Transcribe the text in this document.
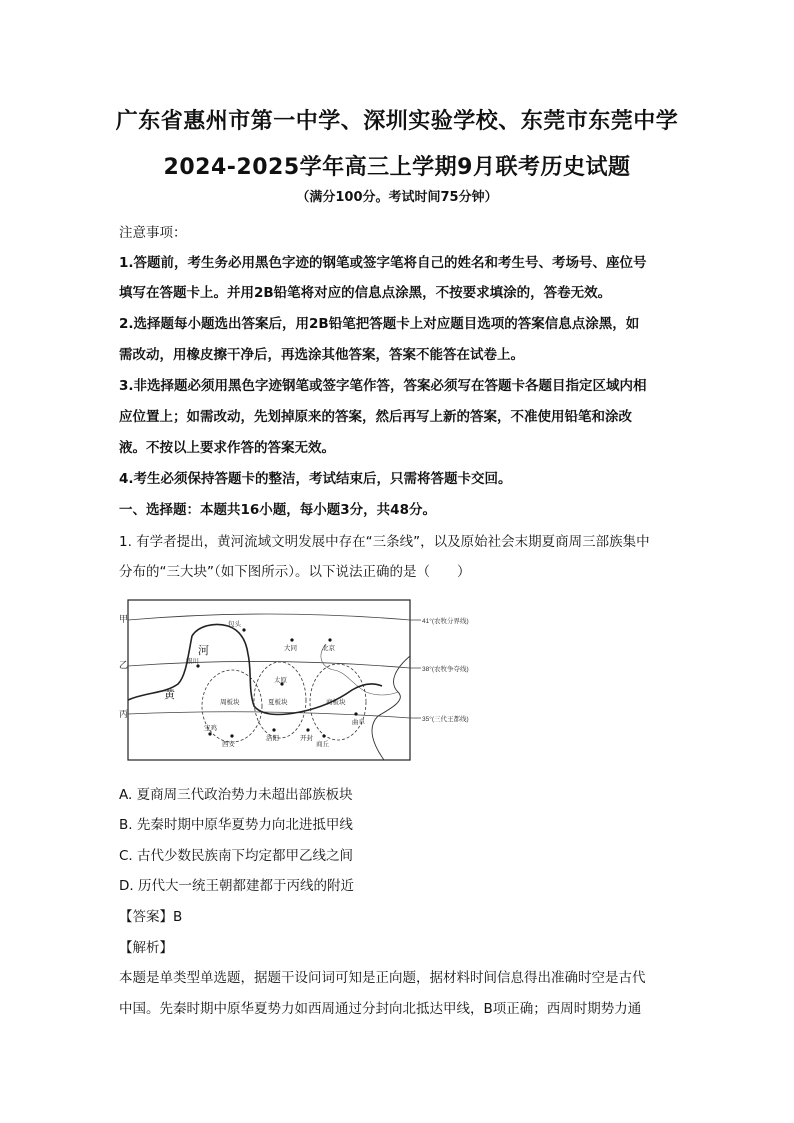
广东省惠州市第一中学、深圳实验学校、东莞市东莞中学
2024-2025学年高三上学期9月联考历史试题
（满分100分。考试时间75分钟）
注意事项：
1.答题前，考生务必用黑色字迹的钢笔或签字笔将自己的姓名和考生号、考场号、座位号
填写在答题卡上。并用2B铅笔将对应的信息点涂黑，不按要求填涂的，答卷无效。
2.选择题每小题选出答案后，用2B铅笔把答题卡上对应题目选项的答案信息点涂黑，如
需改动，用橡皮擦干净后，再选涂其他答案，答案不能答在试卷上。
3.非选择题必须用黑色字迹钢笔或签字笔作答，答案必须写在答题卡各题目指定区域内相
应位置上；如需改动，先划掉原来的答案，然后再写上新的答案，不准使用铅笔和涂改
液。不按以上要求作答的答案无效。
4.考生必须保持答题卡的整洁，考试结束后，只需将答题卡交回。
一、选择题：本题共16小题，每小题3分，共48分。
1. 有学者提出，黄河流域文明发展中存在“三条线”，以及原始社会末期夏商周三部族集中
分布的“三大块”（如下图所示）。以下说法正确的是（　　）
甲
乙
丙
41°(农牧分界线)
38°(农牧争夺线)
35°(三代王都线)
河
黄
周板块	夏板块	商板块
包头
大同	北京
银川
太原
曲阜
宝鸡
西安
洛阳	开封
商丘
A. 夏商周三代政治势力未超出部族板块
B. 先秦时期中原华夏势力向北进抵甲线
C. 古代少数民族南下均定都甲乙线之间
D. 历代大一统王朝都建都于丙线的附近
【答案】B
【解析】
本题是单类型单选题，据题干设问词可知是正向题，据材料时间信息得出准确时空是古代
中国。先秦时期中原华夏势力如西周通过分封向北抵达甲线，B项正确；西周时期势力通
